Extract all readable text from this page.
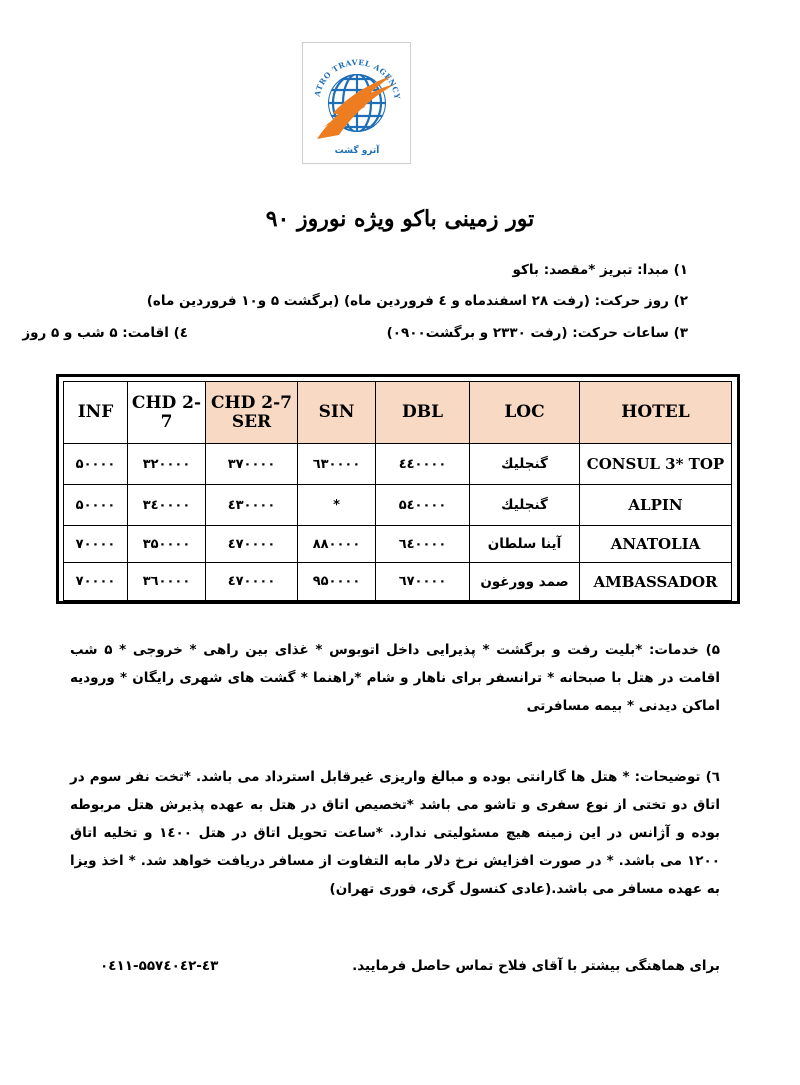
ATRO TRAVEL AGENCY
آترو گشت
تور زمینی باکو ویژه نوروز ۹۰
۱) مبدا: تبریز *مقصد: باکو
۲) روز حرکت: (رفت ۲۸ اسفندماه و ٤ فروردین ماه) (برگشت ۵ و۱۰ فروردین ماه)
۳) ساعات حرکت: (رفت ۲۳۳۰ و برگشت۰۹۰۰)
٤) اقامت: ۵ شب و ۵ روز
INF	CHD 2-7	CHD 2-7 SER	SIN	DBL	LOC	HOTEL
۵۰۰۰۰	۳۲۰۰۰۰	۳۷۰۰۰۰	٦۳۰۰۰۰	٤٤۰۰۰۰	گنجلیك	CONSUL 3* TOP
۵۰۰۰۰	۳٤۰۰۰۰	٤۳۰۰۰۰	*	۵٤۰۰۰۰	گنجلیك	ALPIN
۷۰۰۰۰	۳۵۰۰۰۰	٤۷۰۰۰۰	۸۸۰۰۰۰	٦٤۰۰۰۰	آینا سلطان	ANATOLIA
۷۰۰۰۰	۳٦۰۰۰۰	٤۷۰۰۰۰	۹۵۰۰۰۰	٦۷۰۰۰۰	صمد وورغون	AMBASSADOR
۵) خدمات: *بلیت رفت و برگشت * پذیرایی داخل اتوبوس * غذای بین راهی * خروجی * ۵ شب اقامت در هتل با صبحانه * ترانسفر برای ناهار و شام *راهنما * گشت های شهری رایگان * ورودیه اماکن دیدنی * بیمه مسافرتی
٦) توضیحات: * هتل ها گارانتی بوده و مبالغ واریزی غیرقابل استرداد می باشد. *تخت نفر سوم در اتاق دو تختی از نوع سفری و تاشو می باشد *تخصیص اتاق در هتل به عهده پذیرش هتل مربوطه بوده و آژانس در این زمینه هیچ مسئولیتی ندارد. *ساعت تحویل اتاق در هتل ۱٤۰۰ و تخلیه اتاق ۱۲۰۰ می باشد. * در صورت افزایش نرخ دلار مابه التفاوت از مسافر دریافت خواهد شد. * اخذ ویزا به عهده مسافر می باشد.(عادی کنسول گری، فوری تهران)
برای هماهنگی بیشتر با آقای فلاح تماس حاصل فرمایید.
۰٤۱۱-۵۵۷٤۰٤۲-٤۳
